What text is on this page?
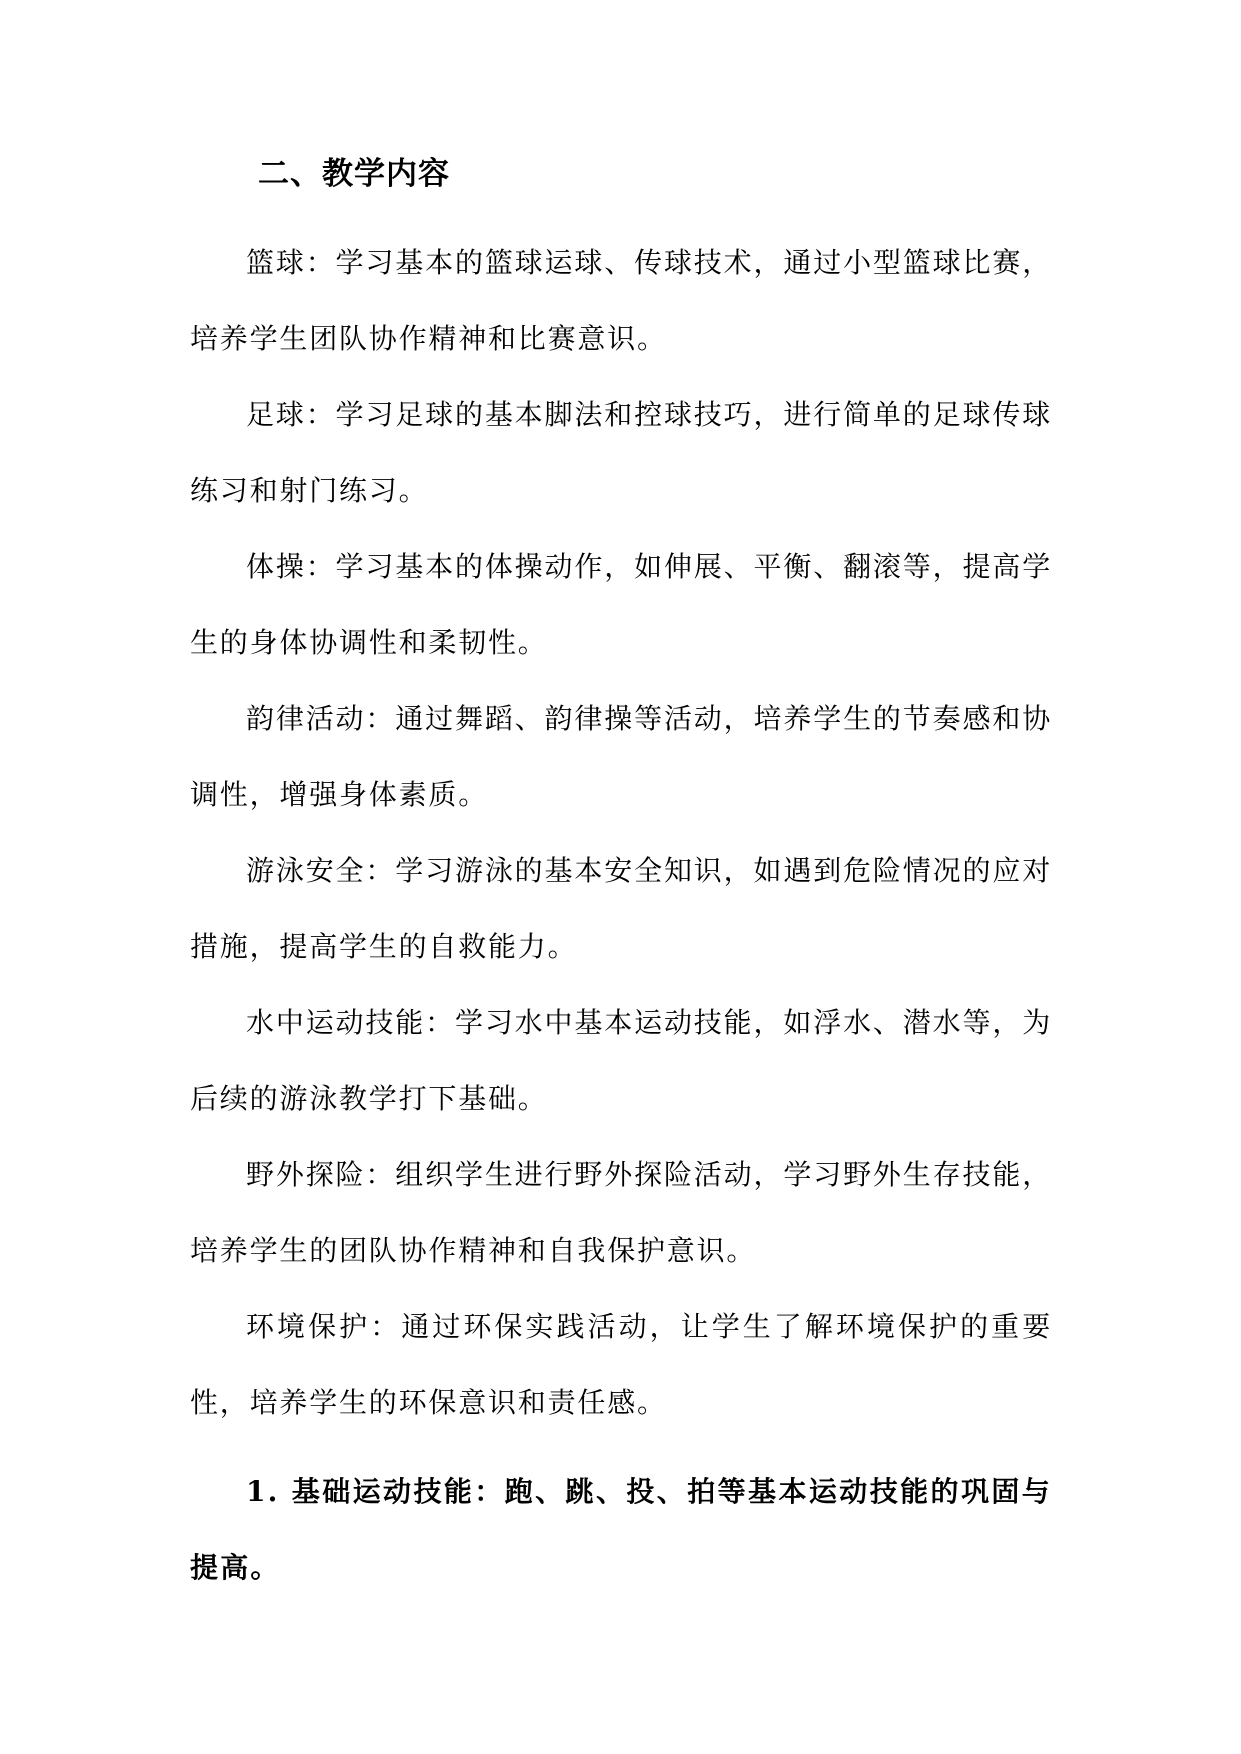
二、教学内容

篮球：学习基本的篮球运球、传球技术，通过小型篮球比赛，培养学生团队协作精神和比赛意识。

足球：学习足球的基本脚法和控球技巧，进行简单的足球传球练习和射门练习。

体操：学习基本的体操动作，如伸展、平衡、翻滚等，提高学生的身体协调性和柔韧性。

韵律活动：通过舞蹈、韵律操等活动，培养学生的节奏感和协调性，增强身体素质。

游泳安全：学习游泳的基本安全知识，如遇到危险情况的应对措施，提高学生的自救能力。

水中运动技能：学习水中基本运动技能，如浮水、潜水等，为后续的游泳教学打下基础。

野外探险：组织学生进行野外探险活动，学习野外生存技能，培养学生的团队协作精神和自我保护意识。

环境保护：通过环保实践活动，让学生了解环境保护的重要性，培养学生的环保意识和责任感。

1. 基础运动技能：跑、跳、投、拍等基本运动技能的巩固与提高。
